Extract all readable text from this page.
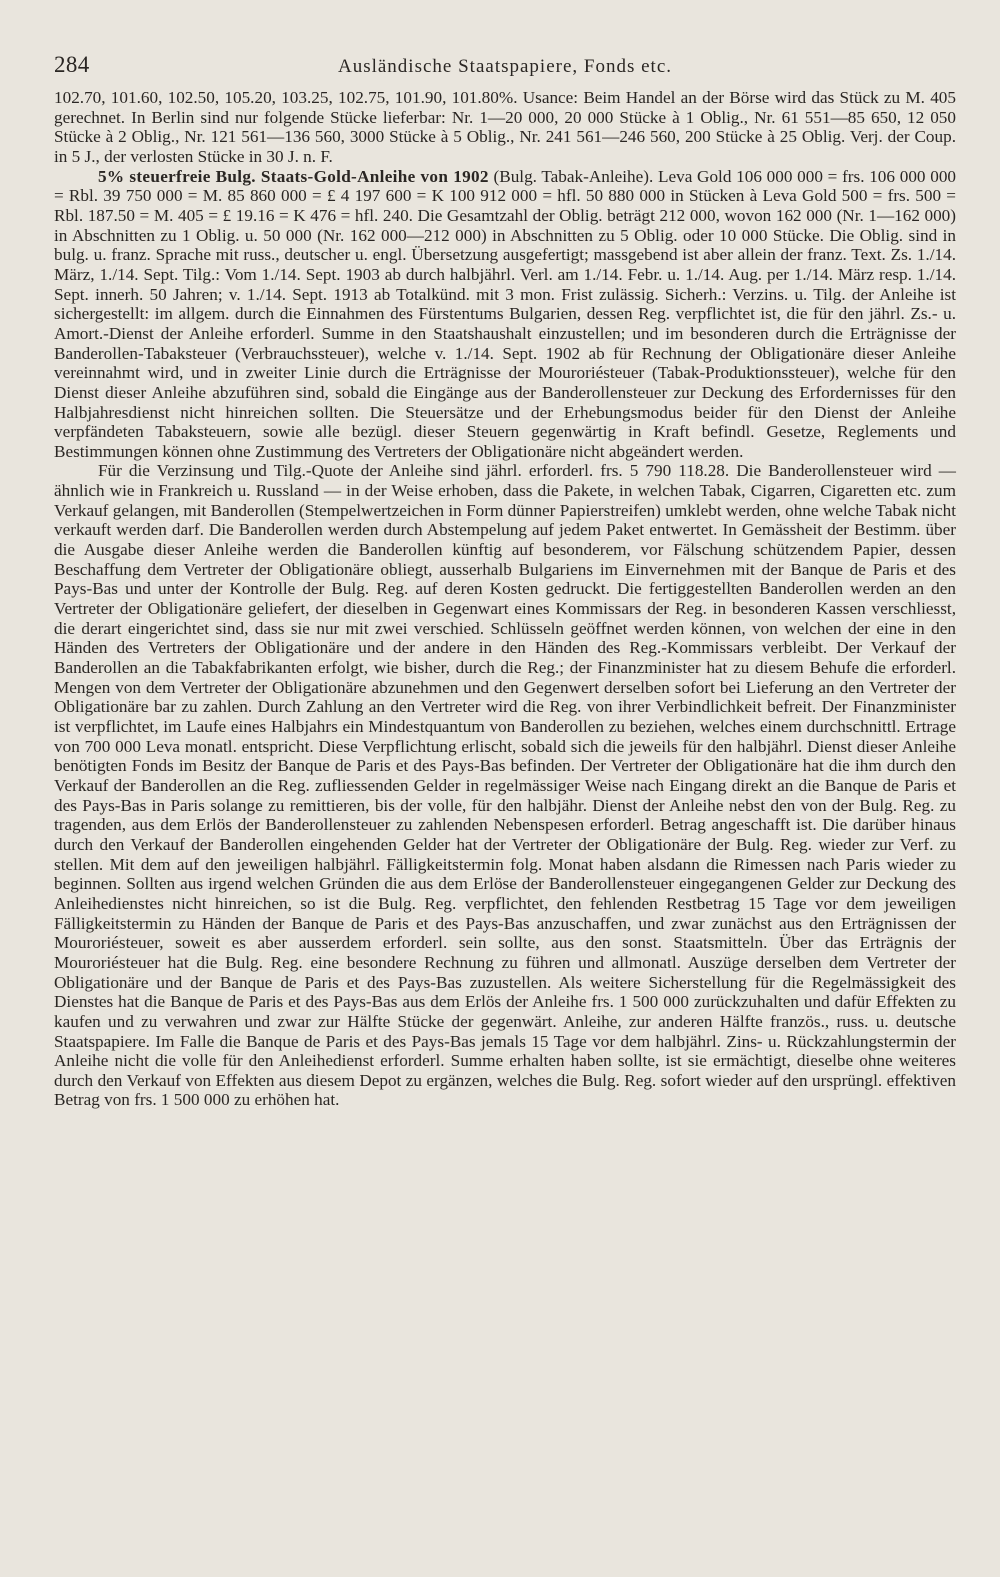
284	Ausländische Staatspapiere, Fonds etc.

102.70, 101.60, 102.50, 105.20, 103.25, 102.75, 101.90, 101.80%. Usance: Beim Handel an der Börse wird das Stück zu M. 405 gerechnet. In Berlin sind nur folgende Stücke lieferbar: Nr. 1—20 000, 20 000 Stücke à 1 Oblig., Nr. 61 551—85 650, 12 050 Stücke à 2 Oblig., Nr. 121 561—136 560, 3000 Stücke à 5 Oblig., Nr. 241 561—246 560, 200 Stücke à 25 Oblig. Verj. der Coup. in 5 J., der verlosten Stücke in 30 J. n. F.

5% steuerfreie Bulg. Staats-Gold-Anleihe von 1902 (Bulg. Tabak-Anleihe). Leva Gold 106 000 000 = frs. 106 000 000 = Rbl. 39 750 000 = M. 85 860 000 = £ 4 197 600 = K 100 912 000 = hfl. 50 880 000 in Stücken à Leva Gold 500 = frs. 500 = Rbl. 187.50 = M. 405 = £ 19.16 = K 476 = hfl. 240. Die Gesamtzahl der Oblig. beträgt 212 000, wovon 162 000 (Nr. 1—162 000) in Abschnitten zu 1 Oblig. u. 50 000 (Nr. 162 000—212 000) in Abschnitten zu 5 Oblig. oder 10 000 Stücke. Die Oblig. sind in bulg. u. franz. Sprache mit russ., deutscher u. engl. Übersetzung ausgefertigt; massgebend ist aber allein der franz. Text. Zs. 1./14. März, 1./14. Sept. Tilg.: Vom 1./14. Sept. 1903 ab durch halbjährl. Verl. am 1./14. Febr. u. 1./14. Aug. per 1./14. März resp. 1./14. Sept. innerh. 50 Jahren; v. 1./14. Sept. 1913 ab Totalkünd. mit 3 mon. Frist zulässig. Sicherh.: Verzins. u. Tilg. der Anleihe ist sichergestellt: im allgem. durch die Einnahmen des Fürstentums Bulgarien, dessen Reg. verpflichtet ist, die für den jährl. Zs.- u. Amort.-Dienst der Anleihe erforderl. Summe in den Staatshaushalt einzustellen; und im besonderen durch die Erträgnisse der Banderollen-Tabaksteuer (Verbrauchssteuer), welche v. 1./14. Sept. 1902 ab für Rechnung der Obligationäre dieser Anleihe vereinnahmt wird, und in zweiter Linie durch die Erträgnisse der Mouroriésteuer (Tabak-Produktionssteuer), welche für den Dienst dieser Anleihe abzuführen sind, sobald die Eingänge aus der Banderollensteuer zur Deckung des Erfordernisses für den Halbjahresdienst nicht hinreichen sollten. Die Steuersätze und der Erhebungsmodus beider für den Dienst der Anleihe verpfändeten Tabaksteuern, sowie alle bezügl. dieser Steuern gegenwärtig in Kraft befindl. Gesetze, Reglements und Bestimmungen können ohne Zustimmung des Vertreters der Obligationäre nicht abgeändert werden.

Für die Verzinsung und Tilg.-Quote der Anleihe sind jährl. erforderl. frs. 5 790 118.28. Die Banderollensteuer wird — ähnlich wie in Frankreich u. Russland — in der Weise erhoben, dass die Pakete, in welchen Tabak, Cigarren, Cigaretten etc. zum Verkauf gelangen, mit Banderollen (Stempelwertzeichen in Form dünner Papierstreifen) umklebt werden, ohne welche Tabak nicht verkauft werden darf. Die Banderollen werden durch Abstempelung auf jedem Paket entwertet. In Gemässheit der Bestimm. über die Ausgabe dieser Anleihe werden die Banderollen künftig auf besonderem, vor Fälschung schützendem Papier, dessen Beschaffung dem Vertreter der Obligationäre obliegt, ausserhalb Bulgariens im Einvernehmen mit der Banque de Paris et des Pays-Bas und unter der Kontrolle der Bulg. Reg. auf deren Kosten gedruckt. Die fertiggestellten Banderollen werden an den Vertreter der Obligationäre geliefert, der dieselben in Gegenwart eines Kommissars der Reg. in besonderen Kassen verschliesst, die derart eingerichtet sind, dass sie nur mit zwei verschied. Schlüsseln geöffnet werden können, von welchen der eine in den Händen des Vertreters der Obligationäre und der andere in den Händen des Reg.-Kommissars verbleibt. Der Verkauf der Banderollen an die Tabakfabrikanten erfolgt, wie bisher, durch die Reg.; der Finanzminister hat zu diesem Behufe die erforderl. Mengen von dem Vertreter der Obligationäre abzunehmen und den Gegenwert derselben sofort bei Lieferung an den Vertreter der Obligationäre bar zu zahlen. Durch Zahlung an den Vertreter wird die Reg. von ihrer Verbindlichkeit befreit. Der Finanzminister ist verpflichtet, im Laufe eines Halbjahrs ein Mindestquantum von Banderollen zu beziehen, welches einem durchschnittl. Ertrage von 700 000 Leva monatl. entspricht. Diese Verpflichtung erlischt, sobald sich die jeweils für den halbjährl. Dienst dieser Anleihe benötigten Fonds im Besitz der Banque de Paris et des Pays-Bas befinden. Der Vertreter der Obligationäre hat die ihm durch den Verkauf der Banderollen an die Reg. zufliessenden Gelder in regelmässiger Weise nach Eingang direkt an die Banque de Paris et des Pays-Bas in Paris solange zu remittieren, bis der volle, für den halbjähr. Dienst der Anleihe nebst den von der Bulg. Reg. zu tragenden, aus dem Erlös der Banderollensteuer zu zahlenden Nebenspesen erforderl. Betrag angeschafft ist. Die darüber hinaus durch den Verkauf der Banderollen eingehenden Gelder hat der Vertreter der Obligationäre der Bulg. Reg. wieder zur Verf. zu stellen. Mit dem auf den jeweiligen halbjährl. Fälligkeitstermin folg. Monat haben alsdann die Rimessen nach Paris wieder zu beginnen. Sollten aus irgend welchen Gründen die aus dem Erlöse der Banderollensteuer eingegangenen Gelder zur Deckung des Anleihedienstes nicht hinreichen, so ist die Bulg. Reg. verpflichtet, den fehlenden Restbetrag 15 Tage vor dem jeweiligen Fälligkeitstermin zu Händen der Banque de Paris et des Pays-Bas anzuschaffen, und zwar zunächst aus den Erträgnissen der Mouroriésteuer, soweit es aber ausserdem erforderl. sein sollte, aus den sonst. Staatsmitteln. Über das Erträgnis der Mouroriésteuer hat die Bulg. Reg. eine besondere Rechnung zu führen und allmonatl. Auszüge derselben dem Vertreter der Obligationäre und der Banque de Paris et des Pays-Bas zuzustellen. Als weitere Sicherstellung für die Regelmässigkeit des Dienstes hat die Banque de Paris et des Pays-Bas aus dem Erlös der Anleihe frs. 1 500 000 zurückzuhalten und dafür Effekten zu kaufen und zu verwahren und zwar zur Hälfte Stücke der gegenwärt. Anleihe, zur anderen Hälfte französ., russ. u. deutsche Staatspapiere. Im Falle die Banque de Paris et des Pays-Bas jemals 15 Tage vor dem halbjährl. Zins- u. Rückzahlungstermin der Anleihe nicht die volle für den Anleihedienst erforderl. Summe erhalten haben sollte, ist sie ermächtigt, dieselbe ohne weiteres durch den Verkauf von Effekten aus diesem Depot zu ergänzen, welches die Bulg. Reg. sofort wieder auf den ursprüngl. effektiven Betrag von frs. 1 500 000 zu erhöhen hat.
